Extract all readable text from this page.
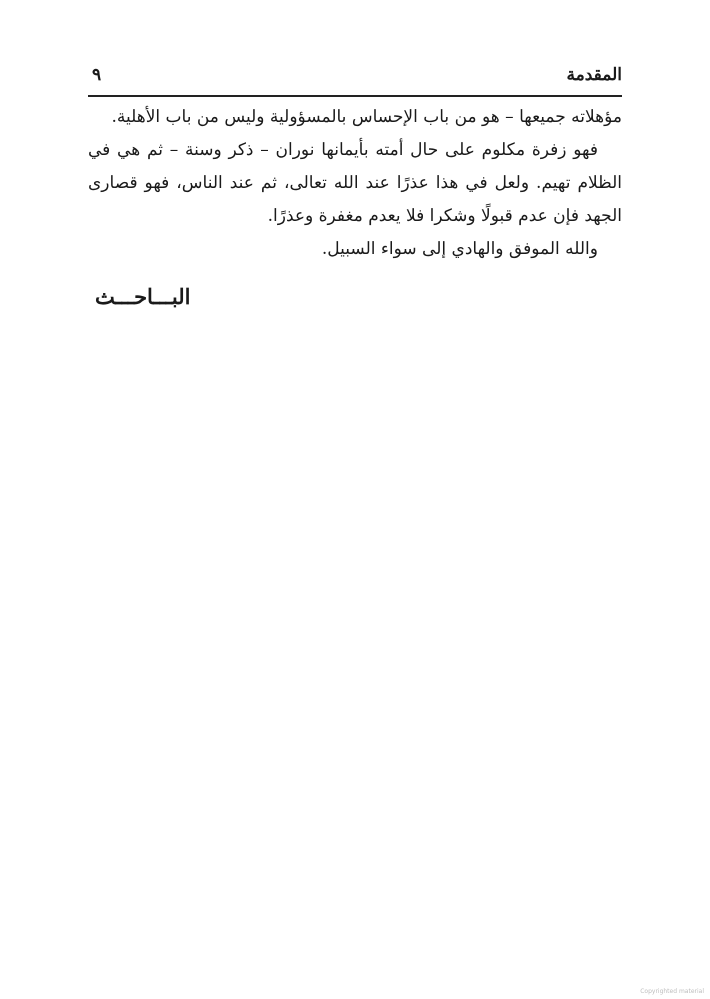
المقدمة
٩

مؤهلاته جميعها – هو من باب الإحساس بالمسؤولية وليس من باب الأهلية.

فهو زفرة مكلوم على حال أمته بأيمانها نوران – ذكر وسنة – ثم هي في الظلام تهيم. ولعل في هذا عذرًا عند الله تعالى، ثم عند الناس، فهو قصارى الجهد فإن عدم قبولًا وشكرا فلا يعدم مغفرة وعذرًا.

والله الموفق والهادي إلى سواء السبيل.

البـــاحـــث
Copyrighted material
